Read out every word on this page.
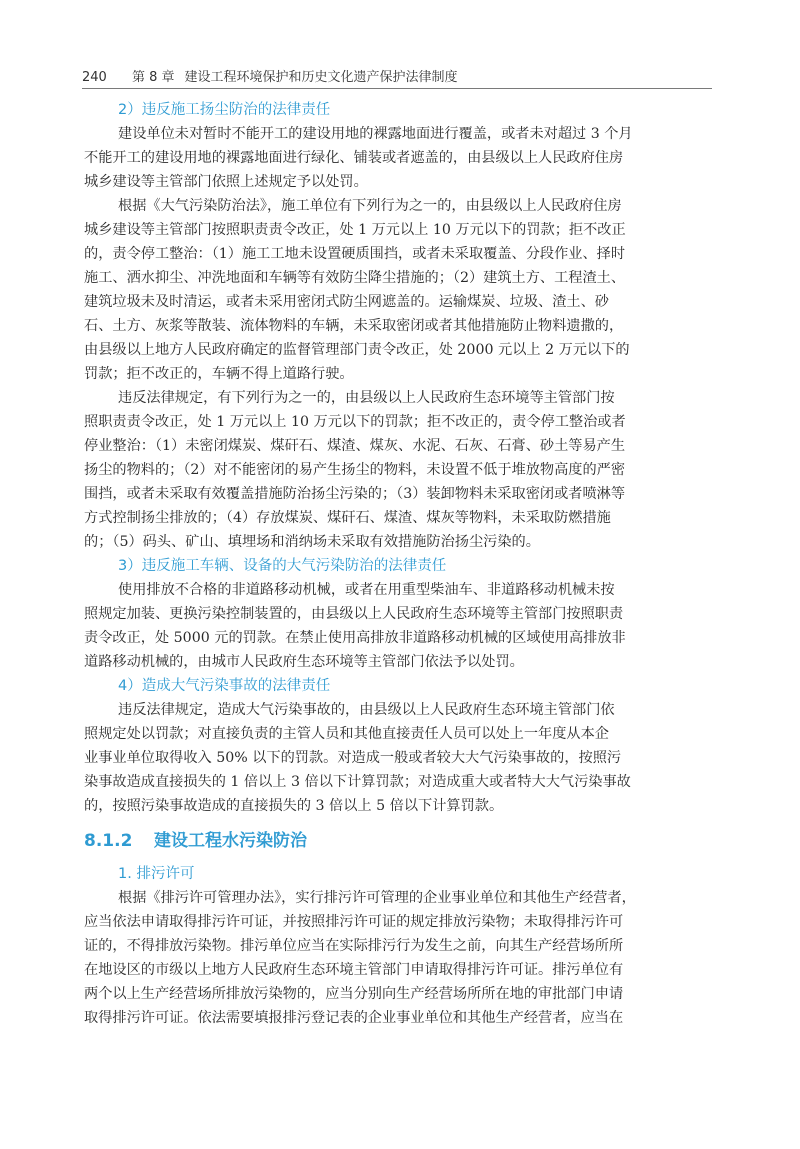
240	第 8 章 建设工程环境保护和历史文化遗产保护法律制度
2）违反施工扬尘防治的法律责任
建设单位未对暂时不能开工的建设用地的裸露地面进行覆盖，或者未对超过 3 个月
不能开工的建设用地的裸露地面进行绿化、铺装或者遮盖的，由县级以上人民政府住房
城乡建设等主管部门依照上述规定予以处罚。
根据《大气污染防治法》，施工单位有下列行为之一的，由县级以上人民政府住房
城乡建设等主管部门按照职责责令改正，处 1 万元以上 10 万元以下的罚款；拒不改正
的，责令停工整治：（1）施工工地未设置硬质围挡，或者未采取覆盖、分段作业、择时
施工、洒水抑尘、冲洗地面和车辆等有效防尘降尘措施的；（2）建筑土方、工程渣土、
建筑垃圾未及时清运，或者未采用密闭式防尘网遮盖的。运输煤炭、垃圾、渣土、砂
石、土方、灰浆等散装、流体物料的车辆，未采取密闭或者其他措施防止物料遗撒的，
由县级以上地方人民政府确定的监督管理部门责令改正，处 2000 元以上 2 万元以下的
罚款；拒不改正的，车辆不得上道路行驶。
违反法律规定，有下列行为之一的，由县级以上人民政府生态环境等主管部门按
照职责责令改正，处 1 万元以上 10 万元以下的罚款；拒不改正的，责令停工整治或者
停业整治：（1）未密闭煤炭、煤矸石、煤渣、煤灰、水泥、石灰、石膏、砂土等易产生
扬尘的物料的；（2）对不能密闭的易产生扬尘的物料，未设置不低于堆放物高度的严密
围挡，或者未采取有效覆盖措施防治扬尘污染的；（3）装卸物料未采取密闭或者喷淋等
方式控制扬尘排放的；（4）存放煤炭、煤矸石、煤渣、煤灰等物料，未采取防燃措施
的；（5）码头、矿山、填埋场和消纳场未采取有效措施防治扬尘污染的。
3）违反施工车辆、设备的大气污染防治的法律责任
使用排放不合格的非道路移动机械，或者在用重型柴油车、非道路移动机械未按
照规定加装、更换污染控制装置的，由县级以上人民政府生态环境等主管部门按照职责
责令改正，处 5000 元的罚款。在禁止使用高排放非道路移动机械的区域使用高排放非
道路移动机械的，由城市人民政府生态环境等主管部门依法予以处罚。
4）造成大气污染事故的法律责任
违反法律规定，造成大气污染事故的，由县级以上人民政府生态环境主管部门依
照规定处以罚款；对直接负责的主管人员和其他直接责任人员可以处上一年度从本企
业事业单位取得收入 50% 以下的罚款。对造成一般或者较大大气污染事故的，按照污
染事故造成直接损失的 1 倍以上 3 倍以下计算罚款；对造成重大或者特大大气污染事故
的，按照污染事故造成的直接损失的 3 倍以上 5 倍以下计算罚款。
8.1.2 建设工程水污染防治
1. 排污许可
根据《排污许可管理办法》，实行排污许可管理的企业事业单位和其他生产经营者，
应当依法申请取得排污许可证，并按照排污许可证的规定排放污染物；未取得排污许可
证的，不得排放污染物。排污单位应当在实际排污行为发生之前，向其生产经营场所所
在地设区的市级以上地方人民政府生态环境主管部门申请取得排污许可证。排污单位有
两个以上生产经营场所排放污染物的，应当分别向生产经营场所所在地的审批部门申请
取得排污许可证。依法需要填报排污登记表的企业事业单位和其他生产经营者，应当在
